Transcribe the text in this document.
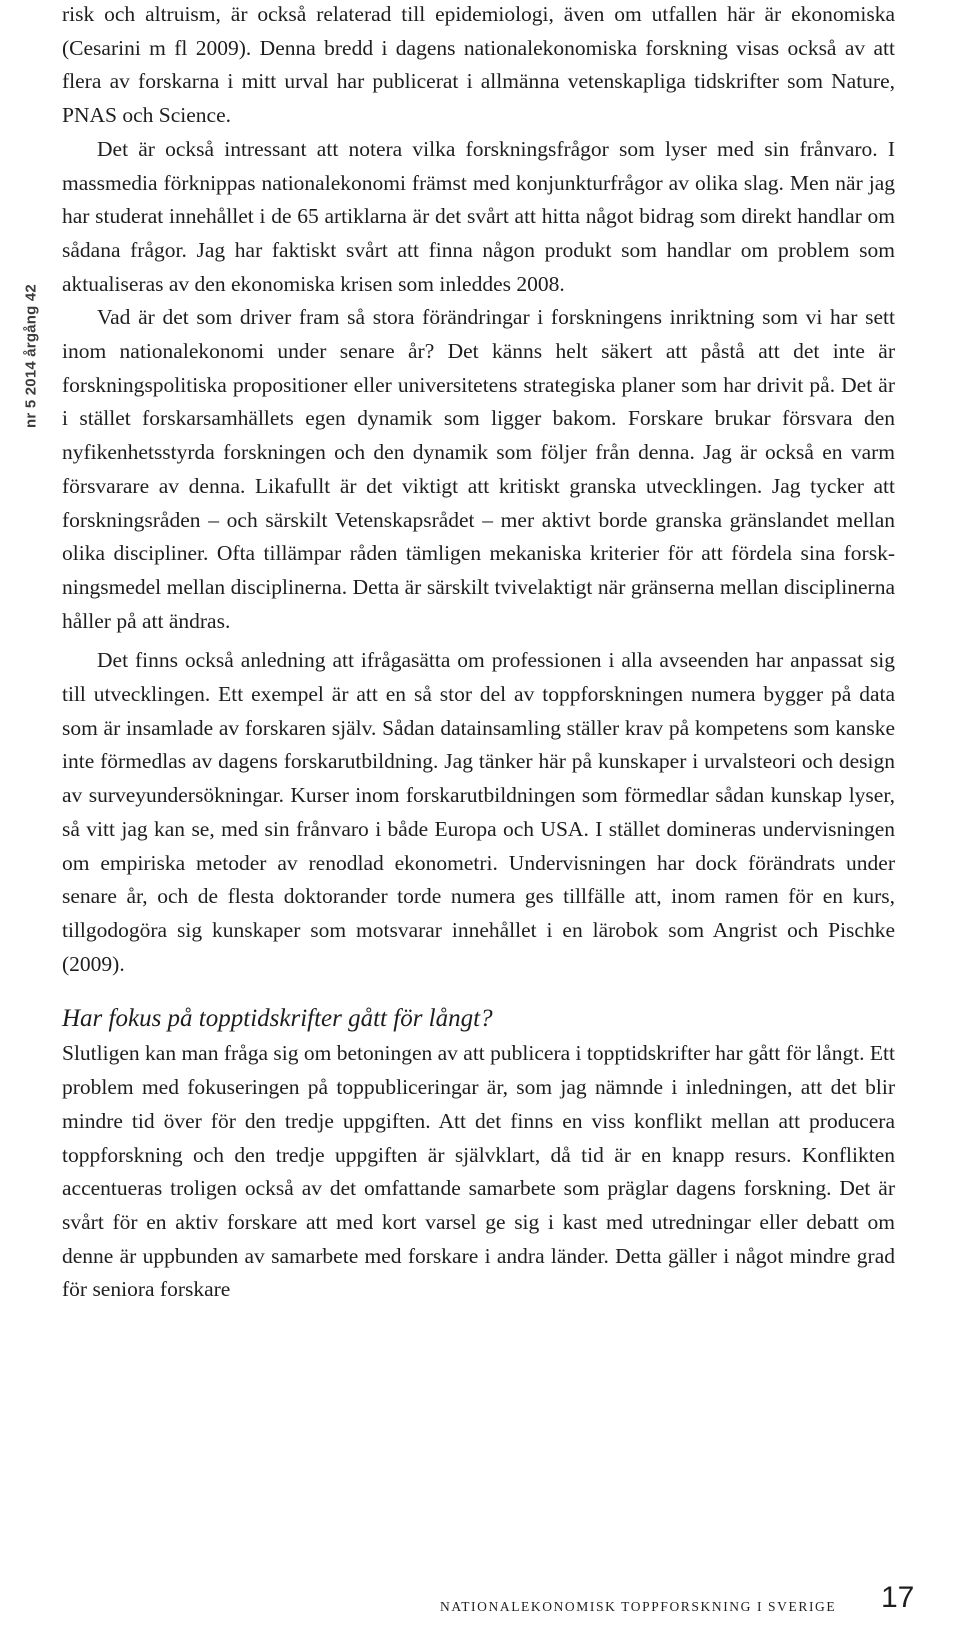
nr 5 2014 årgång 42

risk och altruism, är också relaterad till epidemiologi, även om utfallen här är ekonomiska (Cesarini m fl 2009). Denna bredd i dagens nationalekonomiska forskning visas också av att flera av forskarna i mitt urval har publicerat i allmänna vetenskapliga tidskrifter som Nature, PNAS och Science.

Det är också intressant att notera vilka forskningsfrågor som lyser med sin frånvaro. I massmedia förknippas nationalekonomi främst med konjunkturfrågor av olika slag. Men när jag har studerat innehållet i de 65 artiklarna är det svårt att hitta något bidrag som direkt handlar om sådana frågor. Jag har faktiskt svårt att finna någon produkt som handlar om problem som aktualiseras av den ekonomiska krisen som inleddes 2008.

Vad är det som driver fram så stora förändringar i forskningens inriktning som vi har sett inom nationalekonomi under senare år? Det känns helt säkert att påstå att det inte är forskningspolitiska propositioner eller universitetens strategiska planer som har drivit på. Det är i stället forskarsamhällets egen dynamik som ligger bakom. Forskare brukar försvara den nyfikenhetsstyrda forskningen och den dynamik som följer från denna. Jag är också en varm försvarare av denna. Likafullt är det viktigt att kritiskt granska utvecklingen. Jag tycker att forskningsråden – och särskilt Vetenskapsrådet – mer aktivt borde granska gränslandet mellan olika discipliner. Ofta tillämpar råden tämligen mekaniska kriterier för att fördela sina forskningsmedel mellan disciplinerna. Detta är särskilt tvivelaktigt när gränserna mellan disciplinerna håller på att ändras.

Det finns också anledning att ifrågasätta om professionen i alla avseenden har anpassat sig till utvecklingen. Ett exempel är att en så stor del av toppforskningen numera bygger på data som är insamlade av forskaren själv. Sådan datainsamling ställer krav på kompetens som kanske inte förmedlas av dagens forskarutbildning. Jag tänker här på kunskaper i urvalsteori och design av surveyundersökningar. Kurser inom forskarutbildningen som förmedlar sådan kunskap lyser, så vitt jag kan se, med sin frånvaro i både Europa och USA. I stället domineras undervisningen om empiriska metoder av renodlad ekonometri. Undervisningen har dock förändrats under senare år, och de flesta doktorander torde numera ges tillfälle att, inom ramen för en kurs, tillgodogöra sig kunskaper som motsvarar innehållet i en lärobok som Angrist och Pischke (2009).

Har fokus på topptidskrifter gått för långt?

Slutligen kan man fråga sig om betoningen av att publicera i topptidskrifter har gått för långt. Ett problem med fokuseringen på toppubliceringar är, som jag nämnde i inledningen, att det blir mindre tid över för den tredje uppgiften. Att det finns en viss konflikt mellan att producera toppforskning och den tredje uppgiften är självklart, då tid är en knapp resurs. Konflikten accentueras troligen också av det omfattande samarbete som präglar dagens forskning. Det är svårt för en aktiv forskare att med kort varsel ge sig i kast med utredningar eller debatt om denne är uppbunden av samarbete med forskare i andra länder. Detta gäller i något mindre grad för seniora forskare

NATIONALEKONOMISK TOPPFORSKNING I SVERIGE 17
